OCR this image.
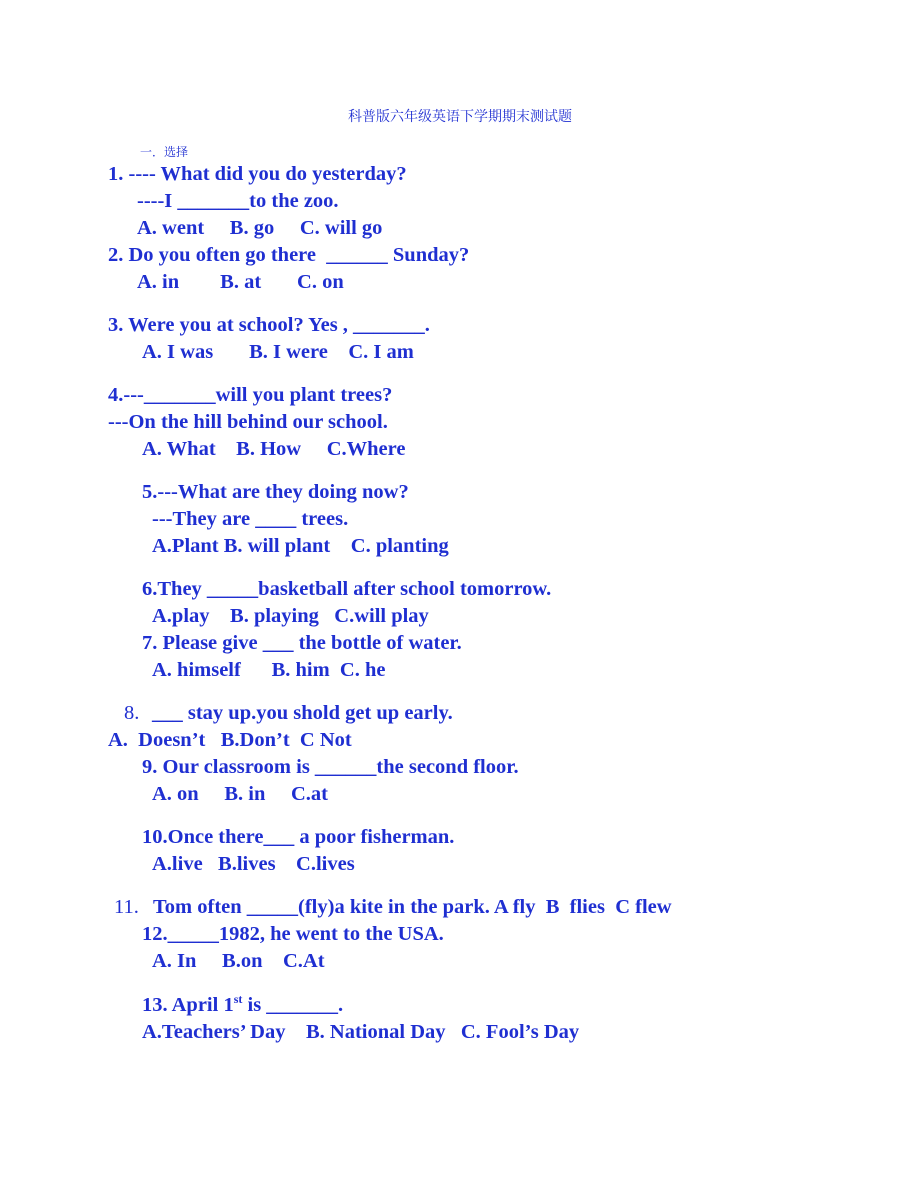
科普版六年级英语下学期期末测试题
一．选择
1. ---- What did you do yesterday?
----I _______to the zoo.
A. went     B. go     C. will go
2. Do you often go there  ______ Sunday?
A. in        B. at       C. on
3. Were you at school? Yes , _______.
A. I was       B. I were    C. I am
4.---_______will you plant trees?
---On the hill behind our school.
A. What    B. How     C.Where
5.---What are they doing now?
---They are ____ trees.
A.Plant B. will plant    C. planting
6.They _____basketball after school tomorrow.
A.play    B. playing   C.will play
7. Please give ___ the bottle of water.
A. himself      B. him  C. he
8. ___ stay up.you shold get up early.
A.  Doesn’t   B.Don’t  C Not
9. Our classroom is ______the second floor.
A. on     B. in     C.at
10.Once there___ a poor fisherman.
A.live   B.lives    C.lives
11. Tom often _____(fly)a kite in the park. A fly  B  flies  C flew
12._____1982, he went to the USA.
A. In     B.on    C.At
13. April 1st is _______.
A.Teachers’ Day    B. National Day   C. Fool’s Day
